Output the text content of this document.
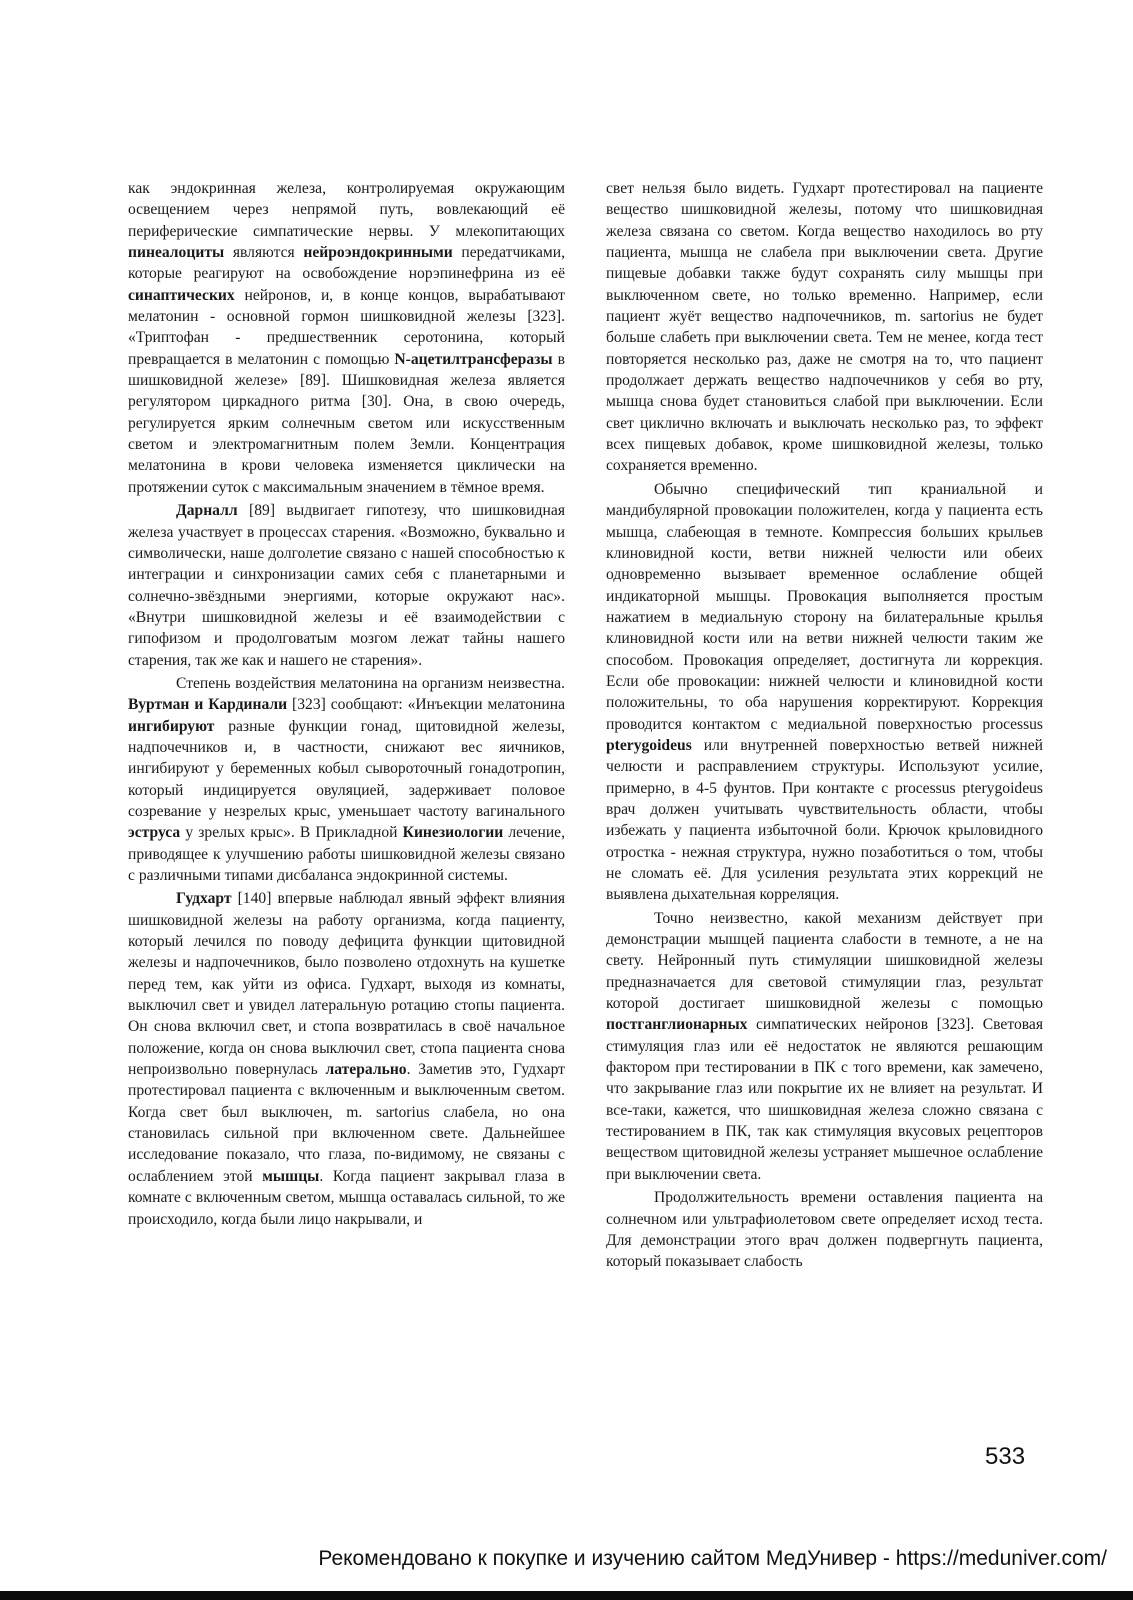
как эндокринная железа, контролируемая окружающим освещением через непрямой путь, вовлекающий её периферические симпатические нервы. У млекопитающих пинеалоциты являются нейроэндокринными передатчиками, которые реагируют на освобождение норэпинефрина из её синаптических нейронов, и, в конце концов, вырабатывают мелатонин - основной гормон шишковидной железы [323]. «Триптофан - предшественник серотонина, который превращается в мелатонин с помощью N-ацетилтрансферазы в шишковидной железе» [89]. Шишковидная железа является регулятором циркадного ритма [30]. Она, в свою очередь, регулируется ярким солнечным светом или искусственным светом и электромагнитным полем Земли. Концентрация мелатонина в крови человека изменяется циклически на протяжении суток с максимальным значением в тёмное время.

Дарналл [89] выдвигает гипотезу, что шишковидная железа участвует в процессах старения. «Возможно, буквально и символически, наше долголетие связано с нашей способностью к интеграции и синхронизации самих себя с планетарными и солнечно-звёздными энергиями, которые окружают нас». «Внутри шишковидной железы и её взаимодействии с гипофизом и продолговатым мозгом лежат тайны нашего старения, так же как и нашего не старения».

Степень воздействия мелатонина на организм неизвестна. Вуртман и Кардинали [323] сообщают: «Инъекции мелатонина ингибируют разные функции гонад, щитовидной железы, надпочечников и, в частности, снижают вес яичников, ингибируют у беременных кобыл сывороточный гонадотропин, который индицируется овуляцией, задерживает половое созревание у незрелых крыс, уменьшает частоту вагинального эструса у зрелых крыс». В Прикладной Кинезиологии лечение, приводящее к улучшению работы шишковидной железы связано с различными типами дисбаланса эндокринной системы.

Гудхарт [140] впервые наблюдал явный эффект влияния шишковидной железы на работу организма, когда пациенту, который лечился по поводу дефицита функции щитовидной железы и надпочечников, было позволено отдохнуть на кушетке перед тем, как уйти из офиса. Гудхарт, выходя из комнаты, выключил свет и увидел латеральную ротацию стопы пациента. Он снова включил свет, и стопа возвратилась в своё начальное положение, когда он снова выключил свет, стопа пациента снова непроизвольно повернулась латерально. Заметив это, Гудхарт протестировал пациента с включенным и выключенным светом. Когда свет был выключен, m. sartorius слабела, но она становилась сильной при включенном свете. Дальнейшее исследование показало, что глаза, по-видимому, не связаны с ослаблением этой мышцы. Когда пациент закрывал глаза в комнате с включенным светом, мышца оставалась сильной, то же происходило, когда были лицо накрывали, и

свет нельзя было видеть. Гудхарт протестировал на пациенте вещество шишковидной железы, потому что шишковидная железа связана со светом. Когда вещество находилось во рту пациента, мышца не слабела при выключении света. Другие пищевые добавки также будут сохранять силу мышцы при выключенном свете, но только временно. Например, если пациент жуёт вещество надпочечников, m. sartorius не будет больше слабеть при выключении света. Тем не менее, когда тест повторяется несколько раз, даже не смотря на то, что пациент продолжает держать вещество надпочечников у себя во рту, мышца снова будет становиться слабой при выключении. Если свет циклично включать и выключать несколько раз, то эффект всех пищевых добавок, кроме шишковидной железы, только сохраняется временно.

Обычно специфический тип краниальной и мандибулярной провокации положителен, когда у пациента есть мышца, слабеющая в темноте. Компрессия больших крыльев клиновидной кости, ветви нижней челюсти или обеих одновременно вызывает временное ослабление общей индикаторной мышцы. Провокация выполняется простым нажатием в медиальную сторону на билатеральные крылья клиновидной кости или на ветви нижней челюсти таким же способом. Провокация определяет, достигнута ли коррекция. Если обе провокации: нижней челюсти и клиновидной кости положительны, то оба нарушения корректируют. Коррекция проводится контактом с медиальной поверхностью processus pterygoideus или внутренней поверхностью ветвей нижней челюсти и расправлением структуры. Используют усилие, примерно, в 4-5 фунтов. При контакте с processus pterygoideus врач должен учитывать чувствительность области, чтобы избежать у пациента избыточной боли. Крючок крыловидного отростка - нежная структура, нужно позаботиться о том, чтобы не сломать её. Для усиления результата этих коррекций не выявлена дыхательная корреляция.

Точно неизвестно, какой механизм действует при демонстрации мышцей пациента слабости в темноте, а не на свету. Нейронный путь стимуляции шишковидной железы предназначается для световой стимуляции глаз, результат которой достигает шишковидной железы с помощью постганглионарных симпатических нейронов [323]. Световая стимуляция глаз или её недостаток не являются решающим фактором при тестировании в ПК с того времени, как замечено, что закрывание глаз или покрытие их не влияет на результат. И все-таки, кажется, что шишковидная железа сложно связана с тестированием в ПК, так как стимуляция вкусовых рецепторов веществом щитовидной железы устраняет мышечное ослабление при выключении света.

Продолжительность времени оставления пациента на солнечном или ультрафиолетовом свете определяет исход теста. Для демонстрации этого врач должен подвергнуть пациента, который показывает слабость

533
Рекомендовано к покупке и изучению сайтом МедУнивер - https://meduniver.com/
